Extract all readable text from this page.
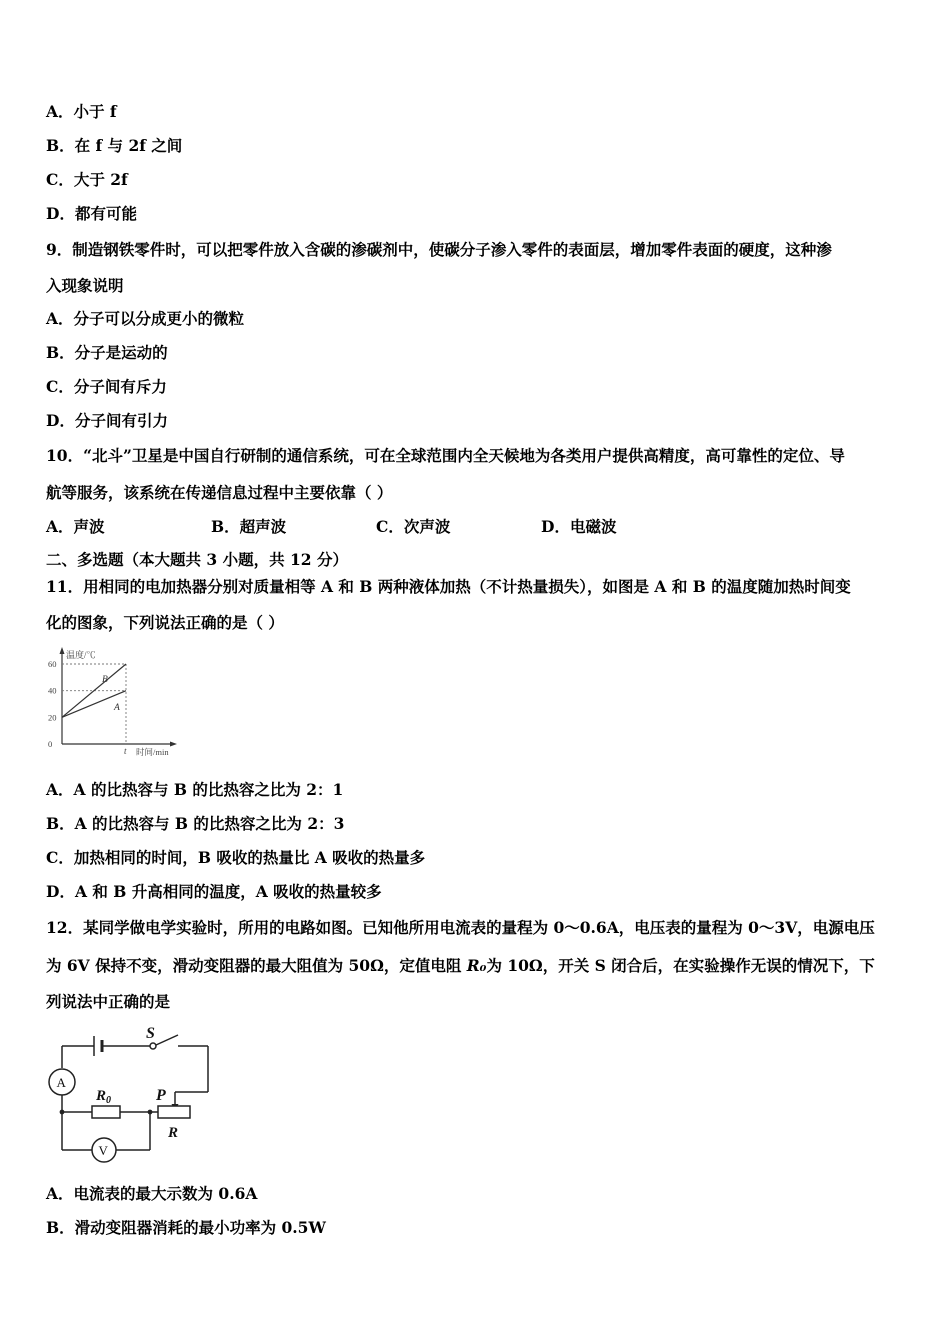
A．小于 f
B．在 f 与 2f 之间
C．大于 2f
D．都有可能
9．制造钢铁零件时，可以把零件放入含碳的渗碳剂中，使碳分子渗入零件的表面层，增加零件表面的硬度，这种渗
入现象说明
A．分子可以分成更小的微粒
B．分子是运动的
C．分子间有斥力
D．分子间有引力
10．“北斗”卫星是中国自行研制的通信系统，可在全球范围内全天候地为各类用户提供高精度，高可靠性的定位、导
航等服务，该系统在传递信息过程中主要依靠（ ）
A．声波	B．超声波	C．次声波	D．电磁波
二、多选题（本大题共 3 小题，共 12 分）
11．用相同的电加热器分别对质量相等 A 和 B 两种液体加热（不计热量损失），如图是 A 和 B 的温度随加热时间变
化的图象，下列说法正确的是（ ）
温度/℃
时间/min
t
60
40
20
0
B
A
A．A 的比热容与 B 的比热容之比为 2：1
B．A 的比热容与 B 的比热容之比为 2：3
C．加热相同的时间，B 吸收的热量比 A 吸收的热量多
D．A 和 B 升高相同的温度，A 吸收的热量较多
12．某同学做电学实验时，所用的电路如图。已知他所用电流表的量程为 0～0.6A，电压表的量程为 0～3V，电源电压
为 6V 保持不变，滑动变阻器的最大阻值为 50Ω，定值电阻 R₀为 10Ω，开关 S 闭合后，在实验操作无误的情况下，下
列说法中正确的是
S
A
V
$R_0$	P
R
A．电流表的最大示数为 0.6A
B．滑动变阻器消耗的最小功率为 0.5W
